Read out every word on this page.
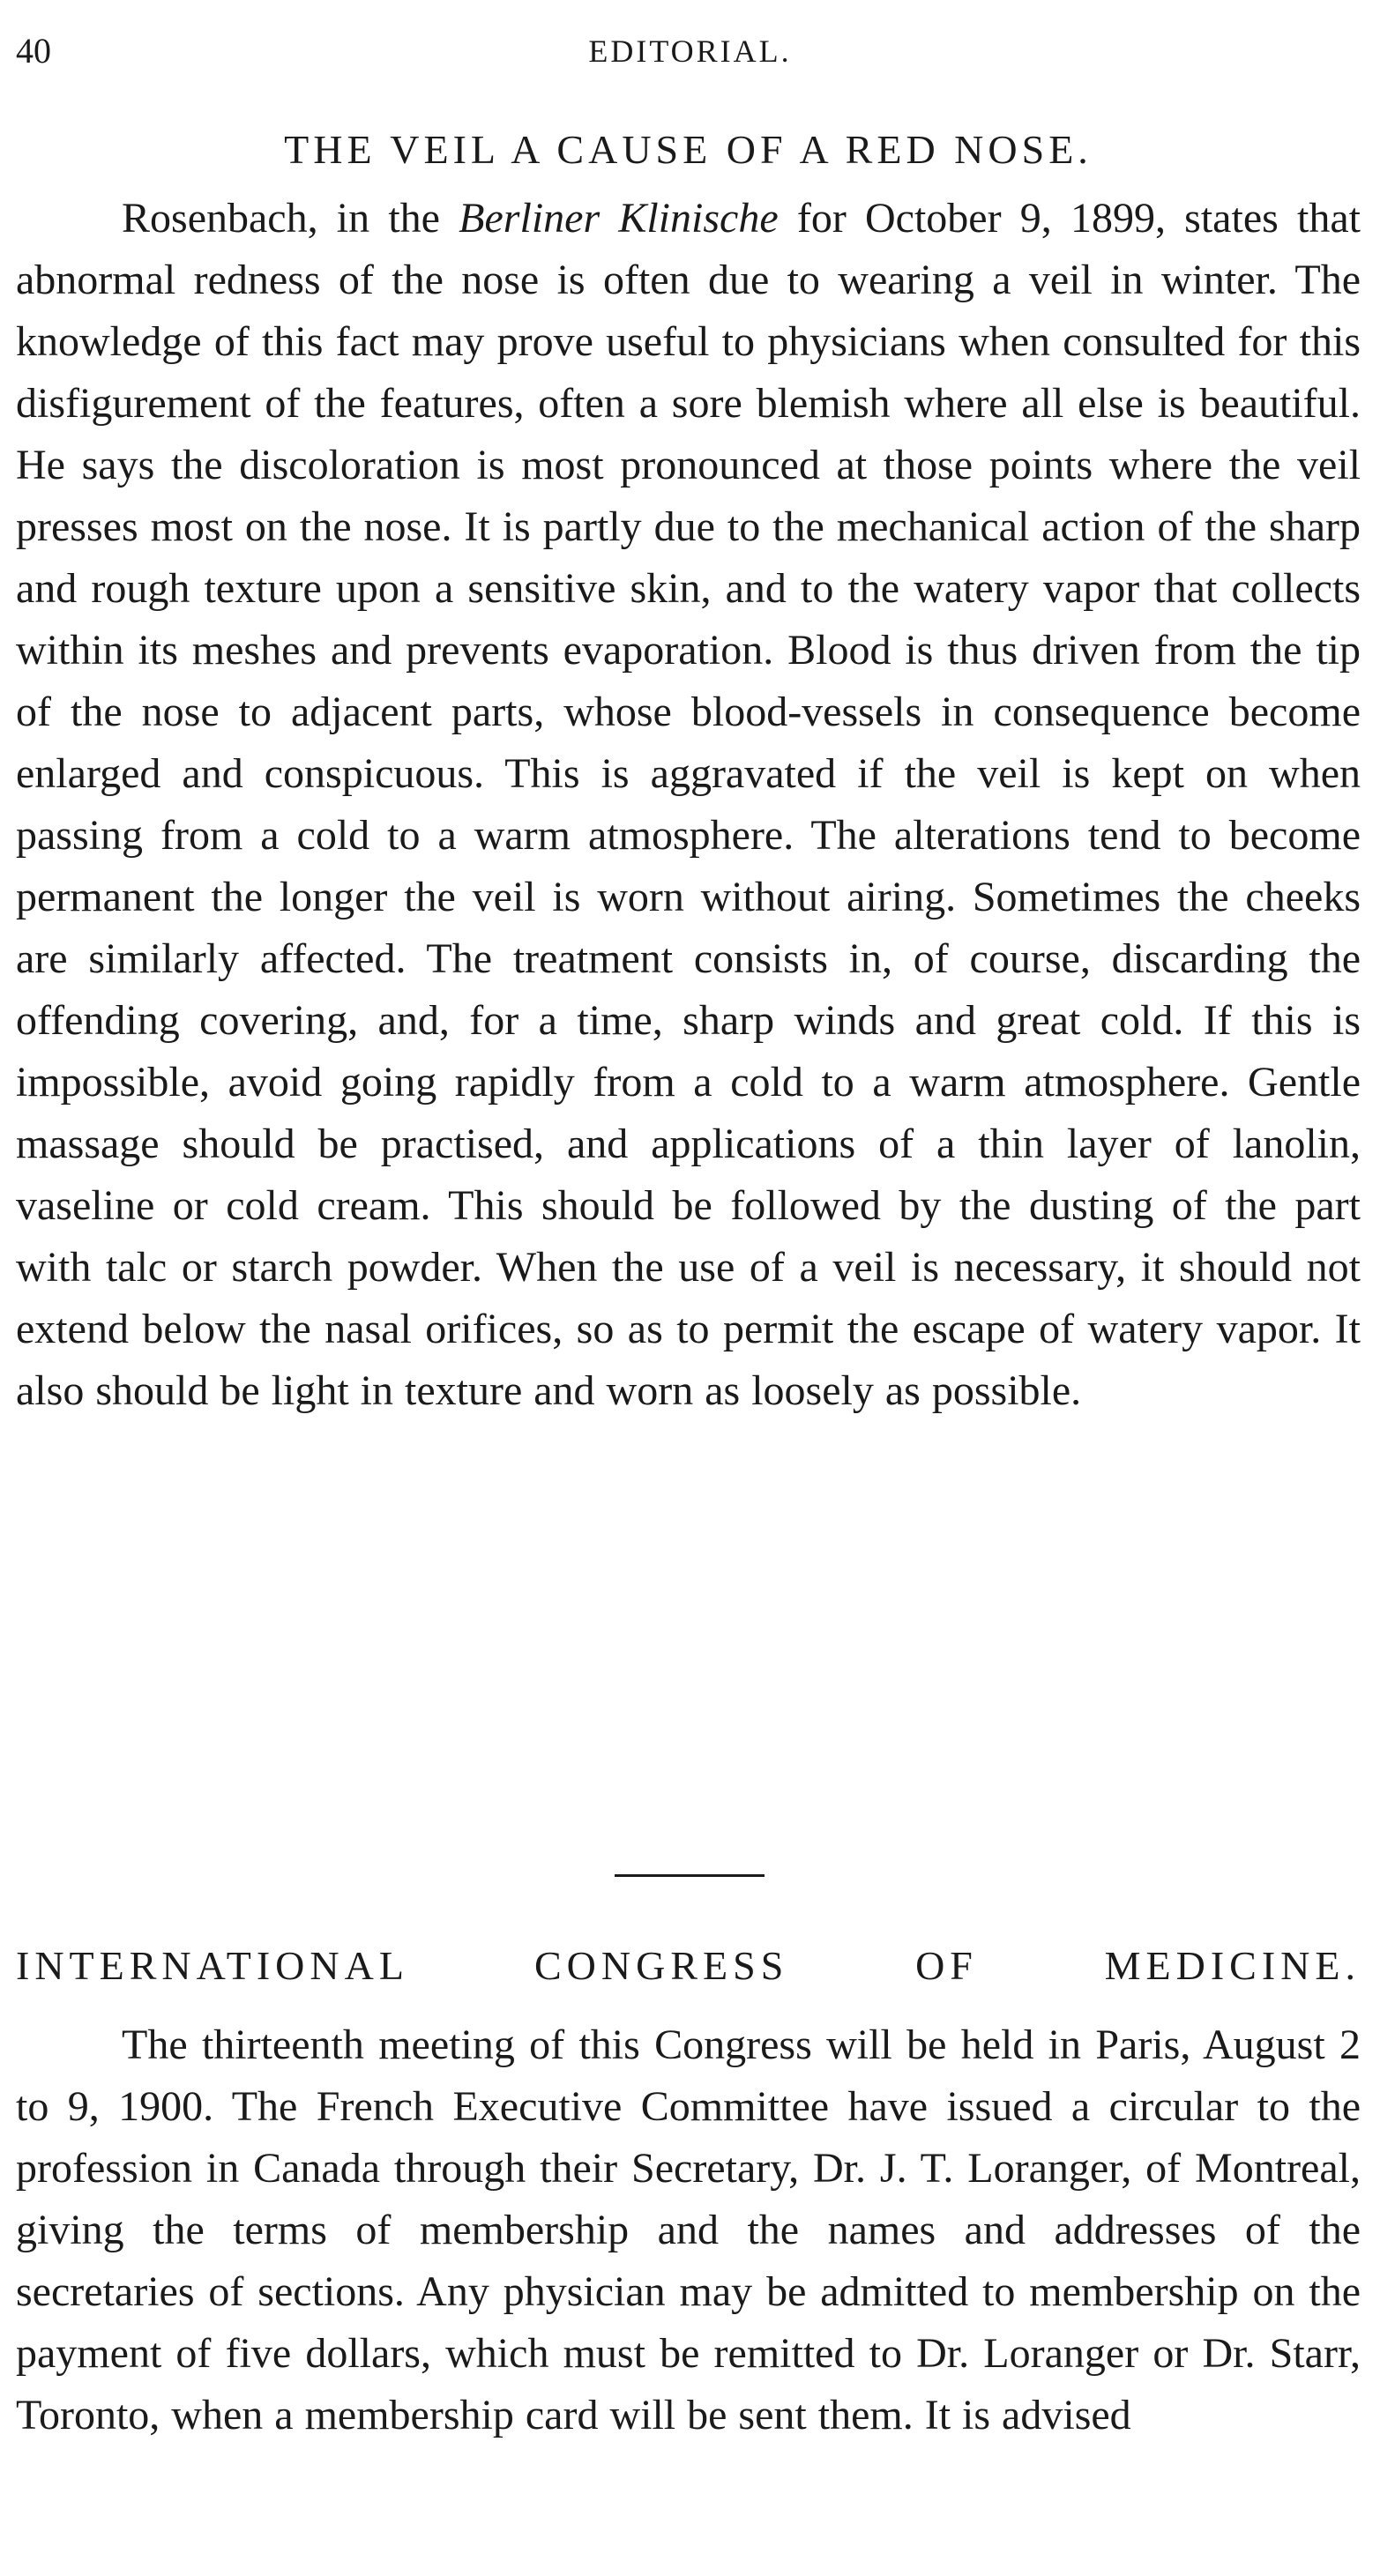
40	EDITORIAL.
THE VEIL A CAUSE OF A RED NOSE.

Rosenbach, in the Berliner Klinische for October 9, 1899, states that abnormal redness of the nose is often due to wearing a veil in winter. The knowledge of this fact may prove useful to physicians when consulted for this disfigurement of the features, often a sore blemish where all else is beautiful. He says the discoloration is most pronounced at those points where the veil presses most on the nose. It is partly due to the mechanical action of the sharp and rough texture upon a sensitive skin, and to the watery vapor that collects within its meshes and prevents evaporation. Blood is thus driven from the tip of the nose to adjacent parts, whose blood-vessels in consequence become enlarged and conspicuous. This is aggravated if the veil is kept on when passing from a cold to a warm atmosphere. The alterations tend to become permanent the longer the veil is worn without airing. Sometimes the cheeks are similarly affected. The treatment consists in, of course, discarding the offending covering, and, for a time, sharp winds and great cold. If this is impossible, avoid going rapidly from a cold to a warm atmosphere. Gentle massage should be practised, and applications of a thin layer of lanolin, vaseline or cold cream. This should be followed by the dusting of the part with talc or starch powder. When the use of a veil is necessary, it should not extend below the nasal orifices, so as to permit the escape of watery vapor. It also should be light in texture and worn as loosely as possible.

INTERNATIONAL CONGRESS OF MEDICINE.

The thirteenth meeting of this Congress will be held in Paris, August 2 to 9, 1900. The French Executive Committee have issued a circular to the profession in Canada through their Secretary, Dr. J. T. Loranger, of Montreal, giving the terms of membership and the names and addresses of the secretaries of sections. Any physician may be admitted to membership on the payment of five dollars, which must be remitted to Dr. Loranger or Dr. Starr, Toronto, when a membership card will be sent them. It is advised
